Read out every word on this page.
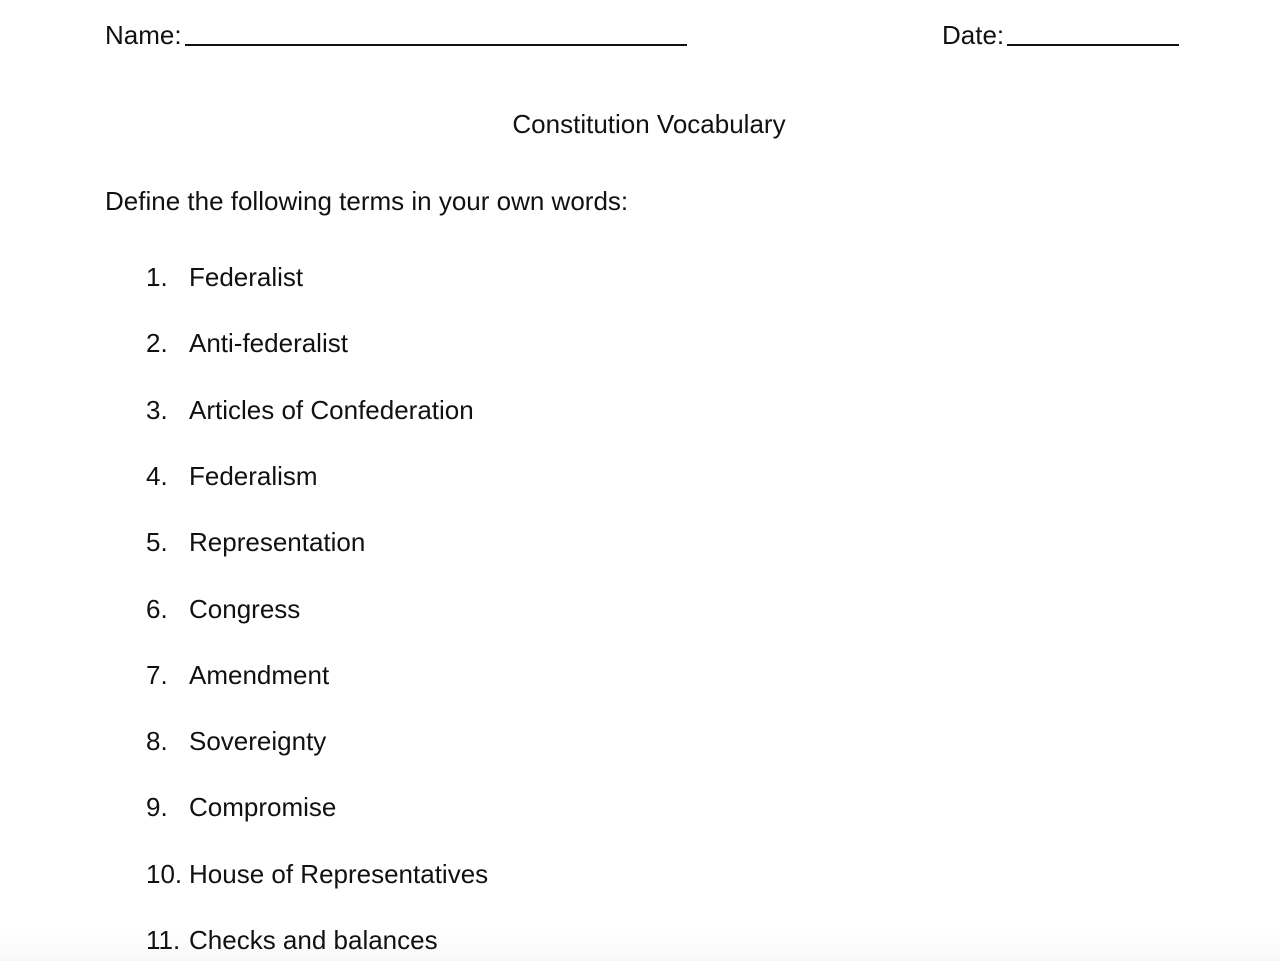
Name:	Date:
Constitution Vocabulary
Define the following terms in your own words:
1. Federalist
2. Anti-federalist
3. Articles of Confederation
4. Federalism
5. Representation
6. Congress
7. Amendment
8. Sovereignty
9. Compromise
10. House of Representatives
11. Checks and balances
